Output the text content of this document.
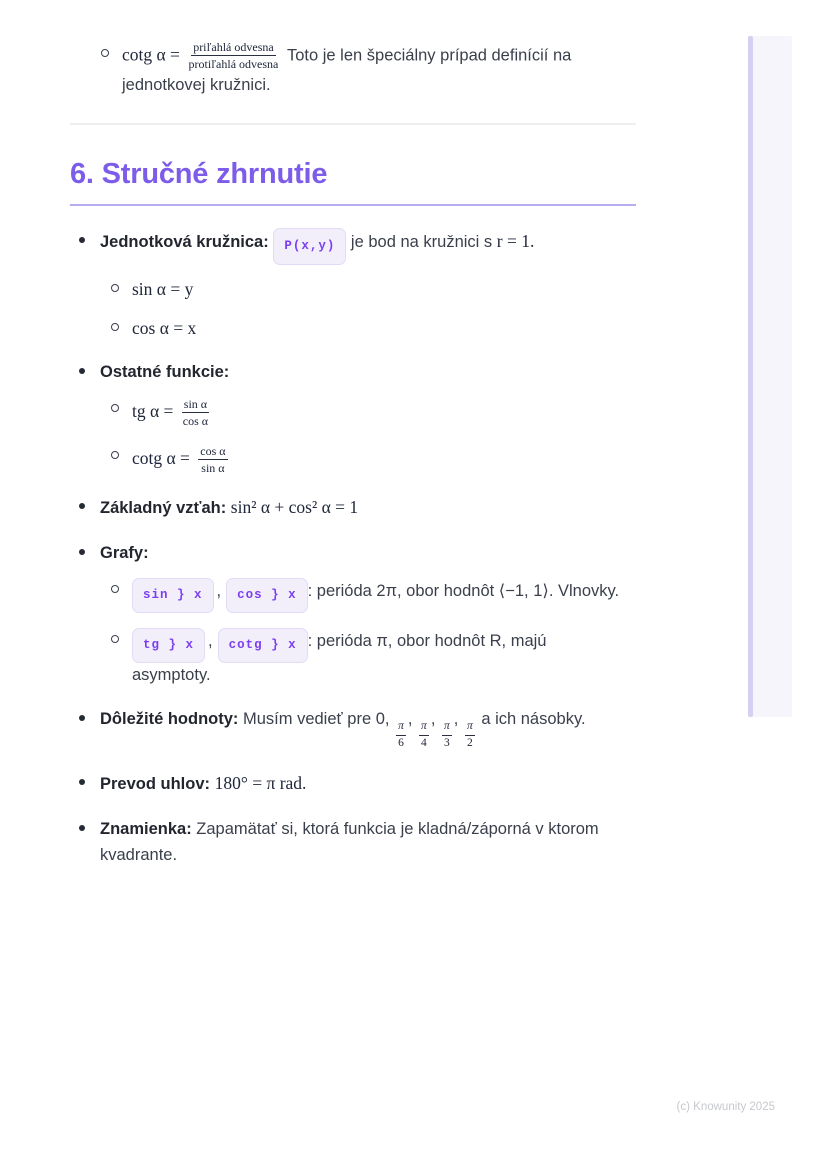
cotg $\alpha = \frac{\text{priľahlá odvesna}}{\text{protiľahlá odvesna}}$ Toto je len špeciálny prípad definícií na jednotkovej kružnici.
6. Stručné zhrnutie
Jednotková kružnica: P(x,y) je bod na kružnici s r = 1.
sin α = y
cos α = x
Ostatné funkcie:
tg $\alpha = \frac{\text{sin α}}{\text{cos α}}$
cotg $\alpha = \frac{\text{cos α}}{\text{sin α}}$
Základný vzťah: sin² α + cos² α = 1
Grafy:
sin } x , cos } x : perióda 2π, obor hodnôt ⟨−1, 1⟩. Vlnovky.
tg } x , cotg } x : perióda π, obor hodnôt R, majú asymptoty.
Dôležité hodnoty: Musím vedieť pre 0,
$\frac{\pi}{6}$
,
$\frac{\pi}{4}$
,
$\frac{\pi}{3}$
,
$\frac{\pi}{2}$
a ich násobky.
Prevod uhlov: 180° = π rad.
Znamienka: Zapamätať si, ktorá funkcia je kladná/záporná v ktorom kvadrante.
(c) Knowunity 2025
